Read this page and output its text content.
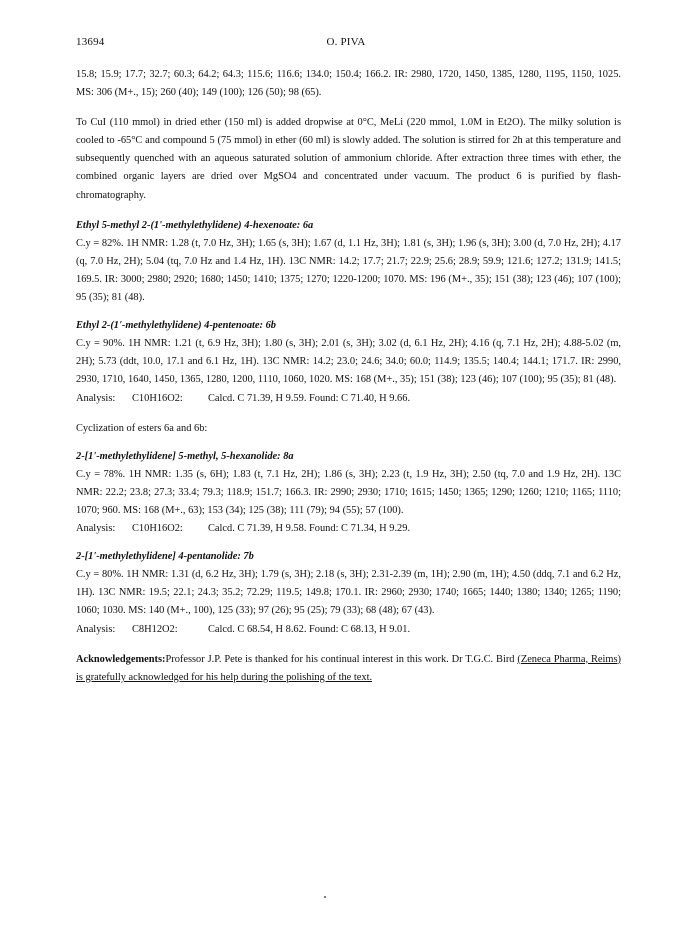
13694	O. PIVA

15.8; 15.9; 17.7; 32.7; 60.3; 64.2; 64.3; 115.6; 116.6; 134.0; 150.4; 166.2. IR: 2980, 1720, 1450, 1385, 1280, 1195, 1150, 1025. MS: 306 (M+., 15); 260 (40); 149 (100); 126 (50); 98 (65).

To CuI (110 mmol) in dried ether (150 ml) is added dropwise at 0°C, MeLi (220 mmol, 1.0M in Et2O). The milky solution is cooled to -65°C and compound 5 (75 mmol) in ether (60 ml) is slowly added. The solution is stirred for 2h at this temperature and subsequently quenched with an aqueous saturated solution of ammonium chloride. After extraction three times with ether, the combined organic layers are dried over MgSO4 and concentrated under vacuum. The product 6 is purified by flash-chromatography.

Ethyl 5-methyl 2-(1'-methylethylidene) 4-hexenoate: 6a

C.y = 82%. 1H NMR: 1.28 (t, 7.0 Hz, 3H); 1.65 (s, 3H); 1.67 (d, 1.1 Hz, 3H); 1.81 (s, 3H); 1.96 (s, 3H); 3.00 (d, 7.0 Hz, 2H); 4.17 (q, 7.0 Hz, 2H); 5.04 (tq, 7.0 Hz and 1.4 Hz, 1H). 13C NMR: 14.2; 17.7; 21.7; 22.9; 25.6; 28.9; 59.9; 121.6; 127.2; 131.9; 141.5; 169.5. IR: 3000; 2980; 2920; 1680; 1450; 1410; 1375; 1270; 1220-1200; 1070. MS: 196 (M+., 35); 151 (38); 123 (46); 107 (100); 95 (35); 81 (48).

Ethyl 2-(1'-methylethylidene) 4-pentenoate: 6b

C.y = 90%. 1H NMR: 1.21 (t, 6.9 Hz, 3H); 1.80 (s, 3H); 2.01 (s, 3H); 3.02 (d, 6.1 Hz, 2H); 4.16 (q, 7.1 Hz, 2H); 4.88-5.02 (m, 2H); 5.73 (ddt, 10.0, 17.1 and 6.1 Hz, 1H). 13C NMR: 14.2; 23.0; 24.6; 34.0; 60.0; 114.9; 135.5; 140.4; 144.1; 171.7. IR: 2990, 2930, 1710, 1640, 1450, 1365, 1280, 1200, 1110, 1060, 1020. MS: 168 (M+., 35); 151 (38); 123 (46); 107 (100); 95 (35); 81 (48).

Analysis:	C10H16O2:	Calcd. C 71.39, H 9.59. Found: C 71.40, H 9.66.

Cyclization of esters 6a and 6b:

2-[1'-methylethylidene] 5-methyl, 5-hexanolide: 8a

C.y = 78%. 1H NMR: 1.35 (s, 6H); 1.83 (t, 7.1 Hz, 2H); 1.86 (s, 3H); 2.23 (t, 1.9 Hz, 3H); 2.50 (tq, 7.0 and 1.9 Hz, 2H). 13C NMR: 22.2; 23.8; 27.3; 33.4; 79.3; 118.9; 151.7; 166.3. IR: 2990; 2930; 1710; 1615; 1450; 1365; 1290; 1260; 1210; 1165; 1110; 1070; 960. MS: 168 (M+., 63); 153 (34); 125 (38); 111 (79); 94 (55); 57 (100).

Analysis:	C10H16O2:	Calcd. C 71.39, H 9.58. Found: C 71.34, H 9.29.

2-[1'-methylethylidene] 4-pentanolide: 7b

C.y = 80%. 1H NMR: 1.31 (d, 6.2 Hz, 3H); 1.79 (s, 3H); 2.18 (s, 3H); 2.31-2.39 (m, 1H); 2.90 (m, 1H); 4.50 (ddq, 7.1 and 6.2 Hz, 1H). 13C NMR: 19.5; 22.1; 24.3; 35.2; 72.29; 119.5; 149.8; 170.1. IR: 2960; 2930; 1740; 1665; 1440; 1380; 1340; 1265; 1190; 1060; 1030. MS: 140 (M+., 100), 125 (33); 97 (26); 95 (25); 79 (33); 68 (48); 67 (43).

Analysis:	C8H12O2:	Calcd. C 68.54, H 8.62. Found: C 68.13, H 9.01.

Acknowledgements:Professor J.P. Pete is thanked for his continual interest in this work. Dr T.G.C. Bird (Zeneca Pharma, Reims) is gratefully acknowledged for his help during the polishing of the text.
